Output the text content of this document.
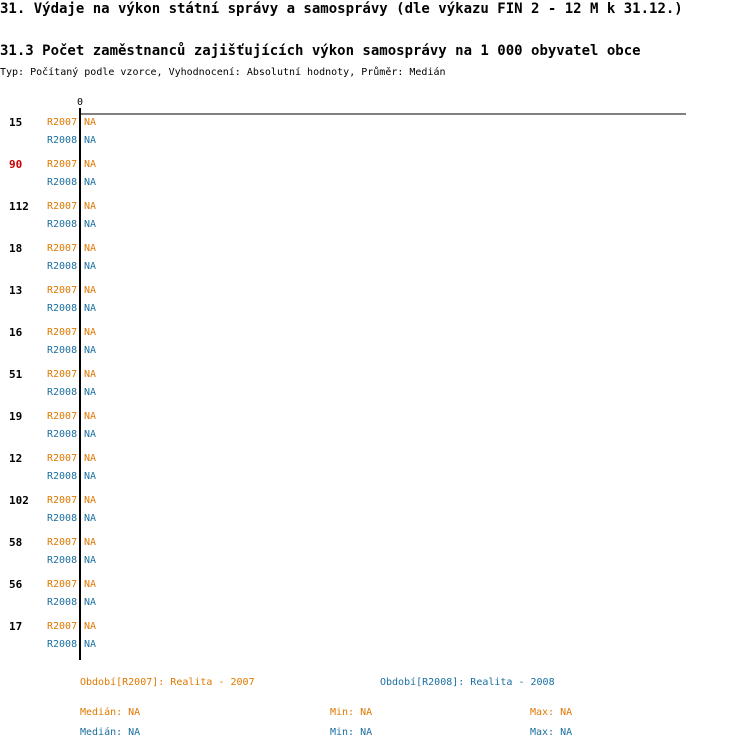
31. Výdaje na výkon státní správy a samosprávy (dle výkazu FIN 2 - 12 M k 31.12.)
31.3 Počet zaměstnanců zajišťujících výkon samosprávy na 1 000 obyvatel obce
Typ: Počítaný podle vzorce, Vyhodnocení: Absolutní hodnoty, Průměr: Medián
15 R2007 NA
R2008 NA
90 R2007 NA
R2008 NA
112 R2007 NA
R2008 NA
18 R2007 NA
R2008 NA
13 R2007 NA
R2008 NA
16 R2007 NA
R2008 NA
51 R2007 NA
R2008 NA
19 R2007 NA
R2008 NA
12 R2007 NA
R2008 NA
102 R2007 NA
R2008 NA
58 R2007 NA
R2008 NA
56 R2007 NA
R2008 NA
17 R2007 NA
R2008 NA
0
Období[R2007]: Realita - 2007	Období[R2008]: Realita - 2008
Medián: NA	Min: NA	Max: NA
Medián: NA	Min: NA	Max: NA
